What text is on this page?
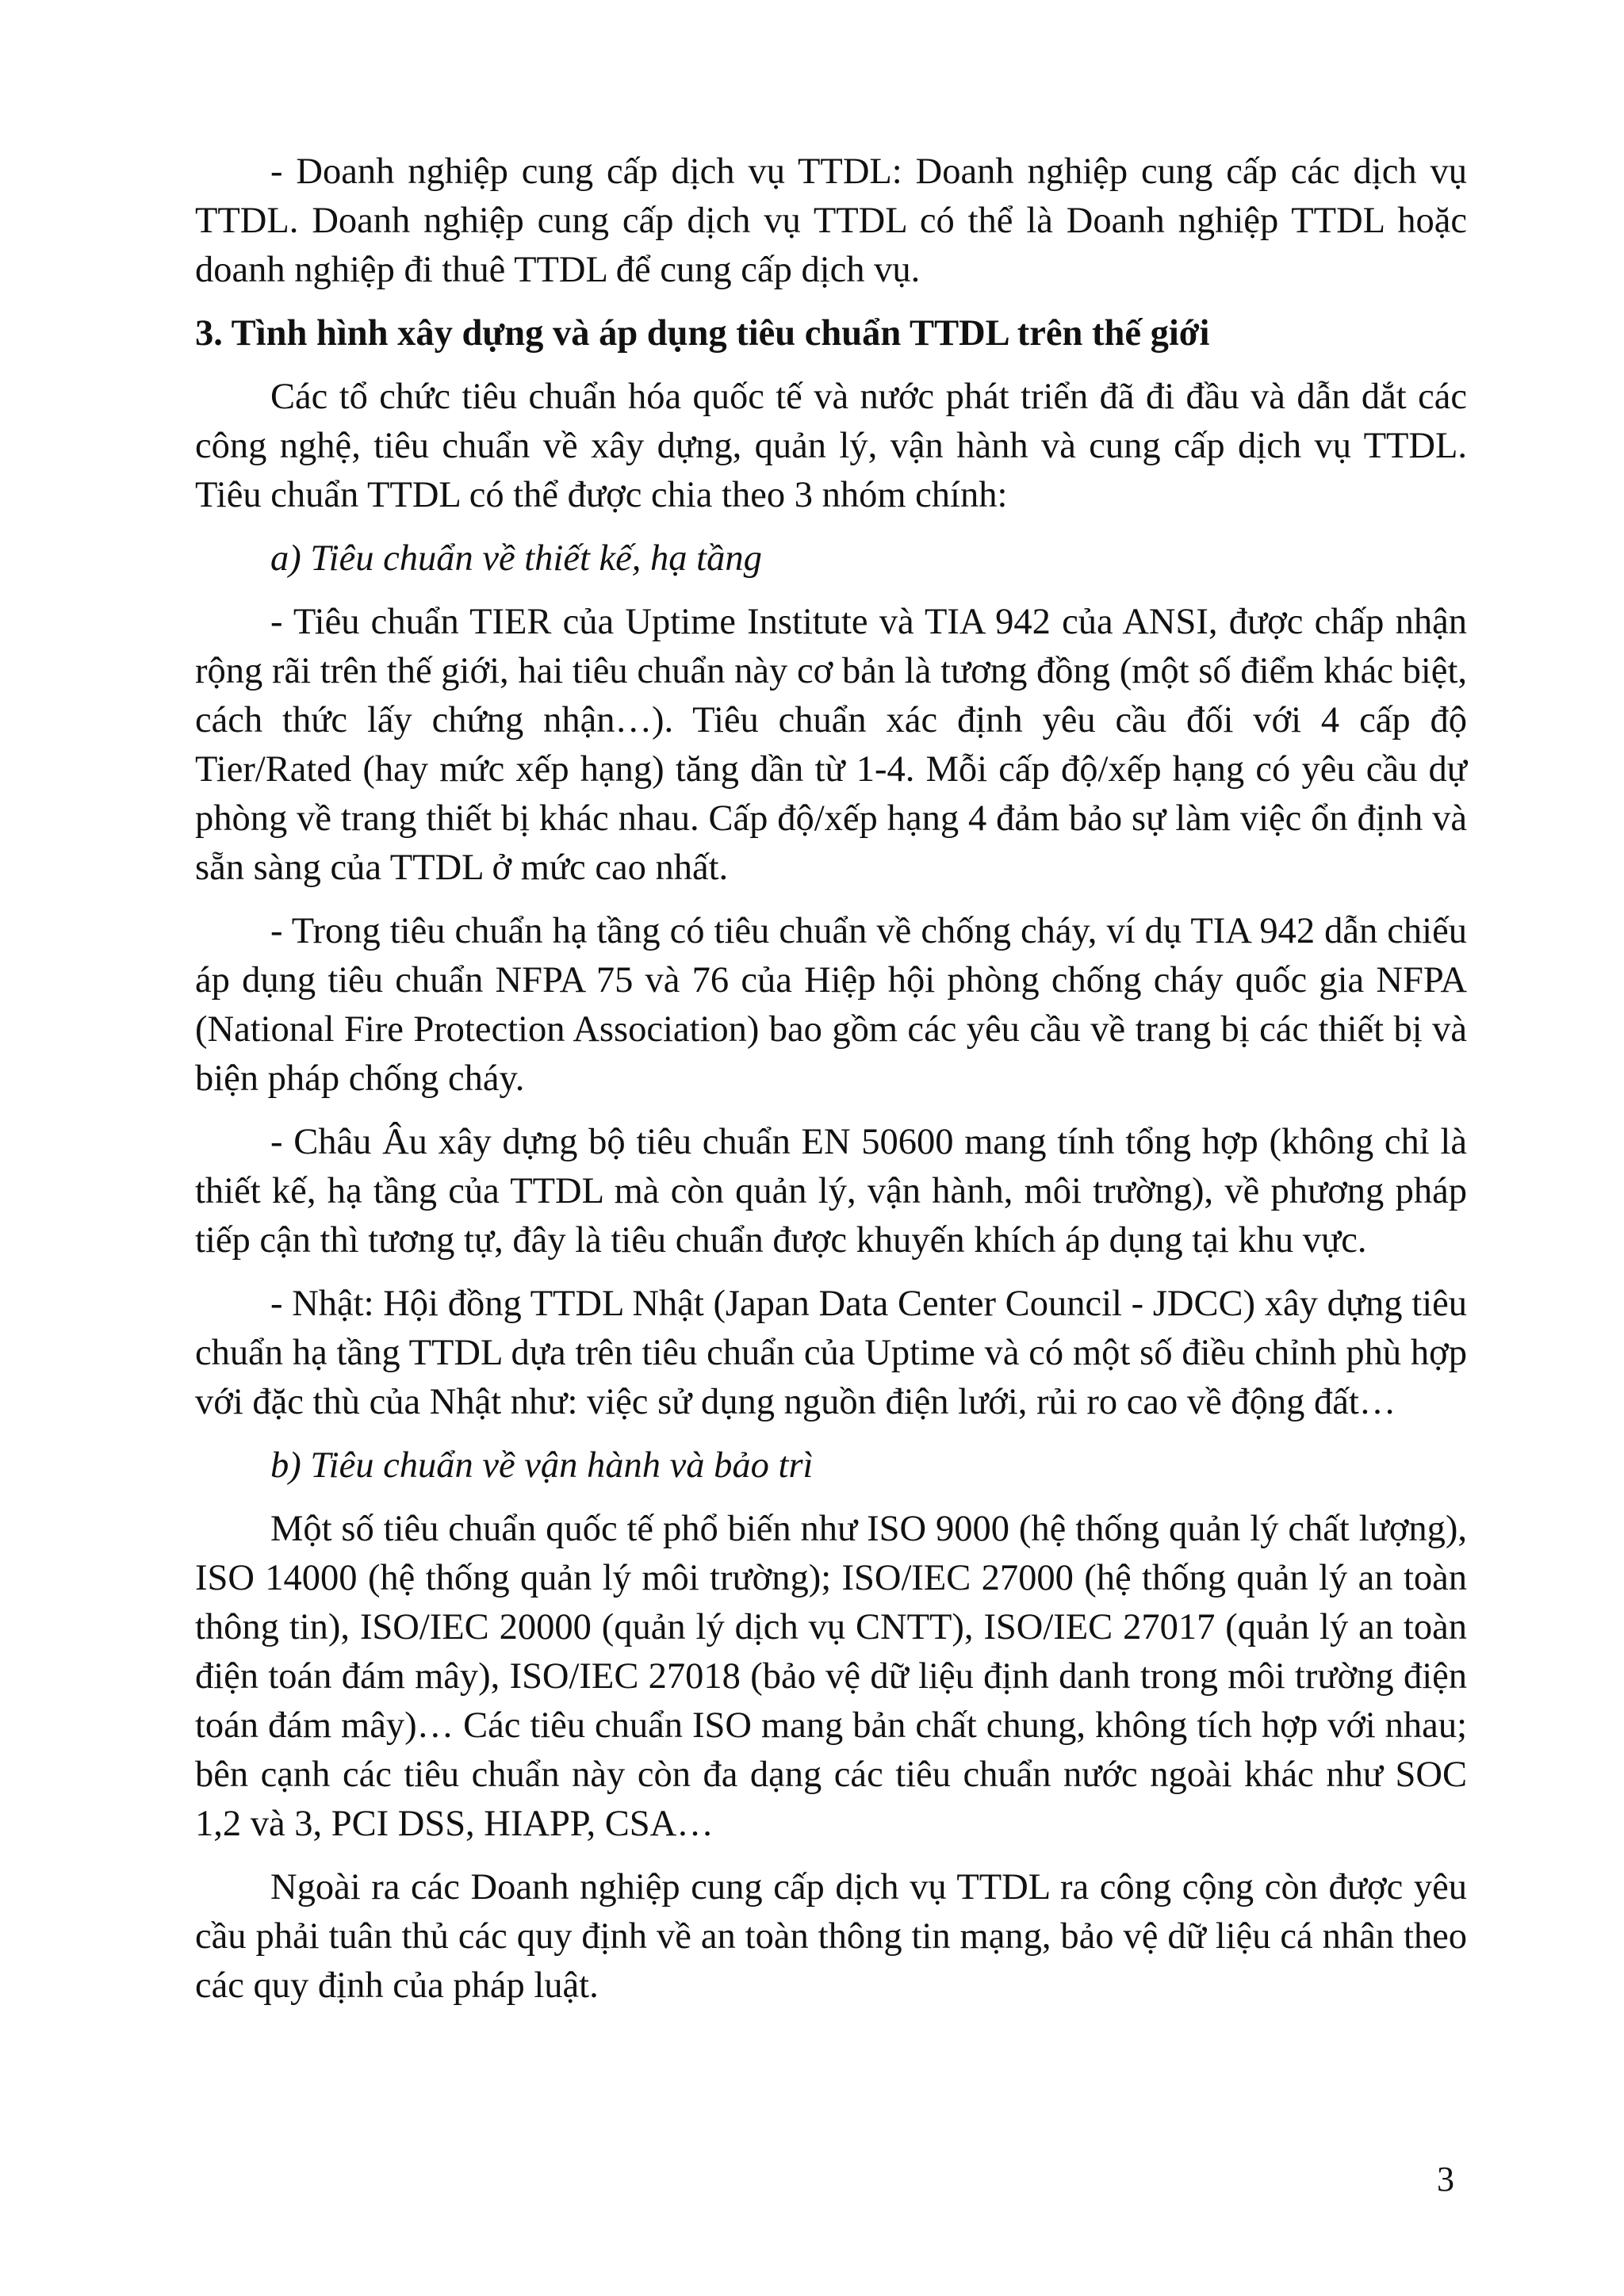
- Doanh nghiệp cung cấp dịch vụ TTDL: Doanh nghiệp cung cấp các dịch vụ TTDL. Doanh nghiệp cung cấp dịch vụ TTDL có thể là Doanh nghiệp TTDL hoặc doanh nghiệp đi thuê TTDL để cung cấp dịch vụ.

3. Tình hình xây dựng và áp dụng tiêu chuẩn TTDL trên thế giới

Các tổ chức tiêu chuẩn hóa quốc tế và nước phát triển đã đi đầu và dẫn dắt các công nghệ, tiêu chuẩn về xây dựng, quản lý, vận hành và cung cấp dịch vụ TTDL. Tiêu chuẩn TTDL có thể được chia theo 3 nhóm chính:

a) Tiêu chuẩn về thiết kế, hạ tầng

- Tiêu chuẩn TIER của Uptime Institute và TIA 942 của ANSI, được chấp nhận rộng rãi trên thế giới, hai tiêu chuẩn này cơ bản là tương đồng (một số điểm khác biệt, cách thức lấy chứng nhận…). Tiêu chuẩn xác định yêu cầu đối với 4 cấp độ Tier/Rated (hay mức xếp hạng) tăng dần từ 1-4. Mỗi cấp độ/xếp hạng có yêu cầu dự phòng về trang thiết bị khác nhau. Cấp độ/xếp hạng 4 đảm bảo sự làm việc ổn định và sẵn sàng của TTDL ở mức cao nhất.

- Trong tiêu chuẩn hạ tầng có tiêu chuẩn về chống cháy, ví dụ TIA 942 dẫn chiếu áp dụng tiêu chuẩn NFPA 75 và 76 của Hiệp hội phòng chống cháy quốc gia NFPA (National Fire Protection Association) bao gồm các yêu cầu về trang bị các thiết bị và biện pháp chống cháy.

- Châu Âu xây dựng bộ tiêu chuẩn EN 50600 mang tính tổng hợp (không chỉ là thiết kế, hạ tầng của TTDL mà còn quản lý, vận hành, môi trường), về phương pháp tiếp cận thì tương tự, đây là tiêu chuẩn được khuyến khích áp dụng tại khu vực.

- Nhật: Hội đồng TTDL Nhật (Japan Data Center Council - JDCC) xây dựng tiêu chuẩn hạ tầng TTDL dựa trên tiêu chuẩn của Uptime và có một số điều chỉnh phù hợp với đặc thù của Nhật như: việc sử dụng nguồn điện lưới, rủi ro cao về động đất…

b) Tiêu chuẩn về vận hành và bảo trì

Một số tiêu chuẩn quốc tế phổ biến như ISO 9000 (hệ thống quản lý chất lượng), ISO 14000 (hệ thống quản lý môi trường); ISO/IEC 27000 (hệ thống quản lý an toàn thông tin), ISO/IEC 20000 (quản lý dịch vụ CNTT), ISO/IEC 27017 (quản lý an toàn điện toán đám mây), ISO/IEC 27018 (bảo vệ dữ liệu định danh trong môi trường điện toán đám mây)… Các tiêu chuẩn ISO mang bản chất chung, không tích hợp với nhau; bên cạnh các tiêu chuẩn này còn đa dạng các tiêu chuẩn nước ngoài khác như SOC 1,2 và 3, PCI DSS, HIAPP, CSA…

Ngoài ra các Doanh nghiệp cung cấp dịch vụ TTDL ra công cộng còn được yêu cầu phải tuân thủ các quy định về an toàn thông tin mạng, bảo vệ dữ liệu cá nhân theo các quy định của pháp luật.

3
